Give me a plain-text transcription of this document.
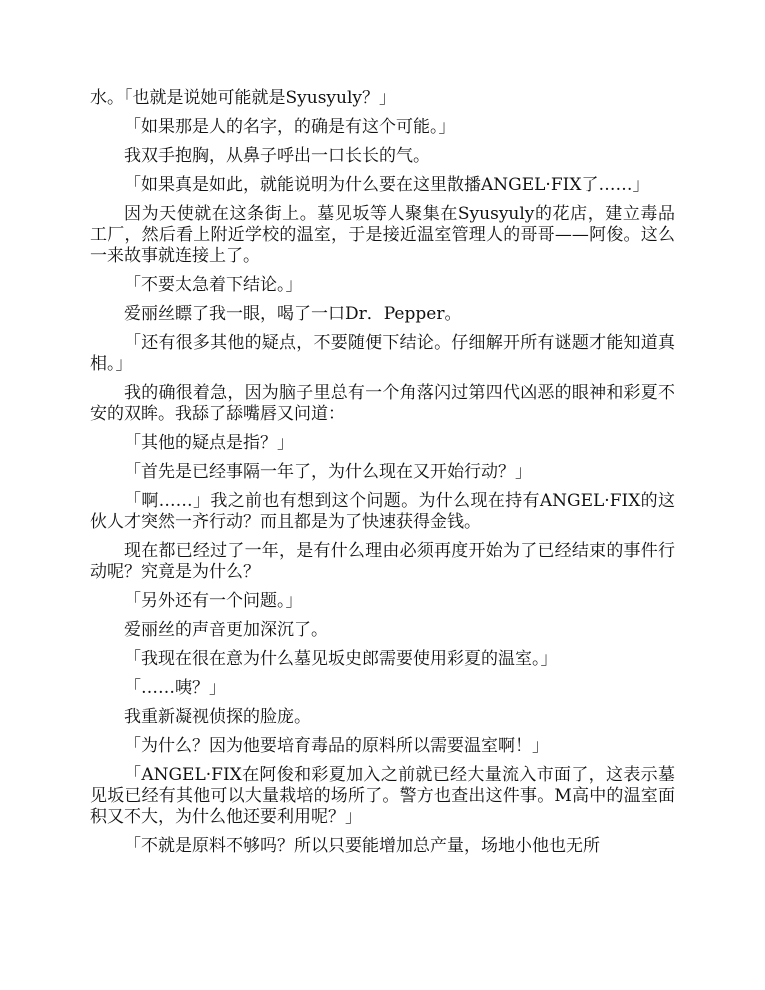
水。「也就是说她可能就是Syusyuly？」

「如果那是人的名字，的确是有这个可能。」

我双手抱胸，从鼻子呼出一口长长的气。

「如果真是如此，就能说明为什么要在这里散播ANGEL·FIX了……」

因为天使就在这条街上。墓见坂等人聚集在Syusyuly的花店，建立毒品工厂，然后看上附近学校的温室，于是接近温室管理人的哥哥——阿俊。这么一来故事就连接上了。

「不要太急着下结论。」

爱丽丝瞟了我一眼，喝了一口Dr．Pepper。

「还有很多其他的疑点，不要随便下结论。仔细解开所有谜题才能知道真相。」

我的确很着急，因为脑子里总有一个角落闪过第四代凶恶的眼神和彩夏不安的双眸。我舔了舔嘴唇又问道：

「其他的疑点是指？」

「首先是已经事隔一年了，为什么现在又开始行动？」

「啊……」我之前也有想到这个问题。为什么现在持有ANGEL·FIX的这伙人才突然一齐行动？而且都是为了快速获得金钱。

现在都已经过了一年，是有什么理由必须再度开始为了已经结束的事件行动呢？究竟是为什么？

「另外还有一个问题。」

爱丽丝的声音更加深沉了。

「我现在很在意为什么墓见坂史郎需要使用彩夏的温室。」

「……咦？」

我重新凝视侦探的脸庞。

「为什么？因为他要培育毒品的原料所以需要温室啊！」

「ANGEL·FIX在阿俊和彩夏加入之前就已经大量流入市面了，这表示墓见坂已经有其他可以大量栽培的场所了。警方也查出这件事。M高中的温室面积又不大，为什么他还要利用呢？」

「不就是原料不够吗？所以只要能增加总产量，场地小他也无所
